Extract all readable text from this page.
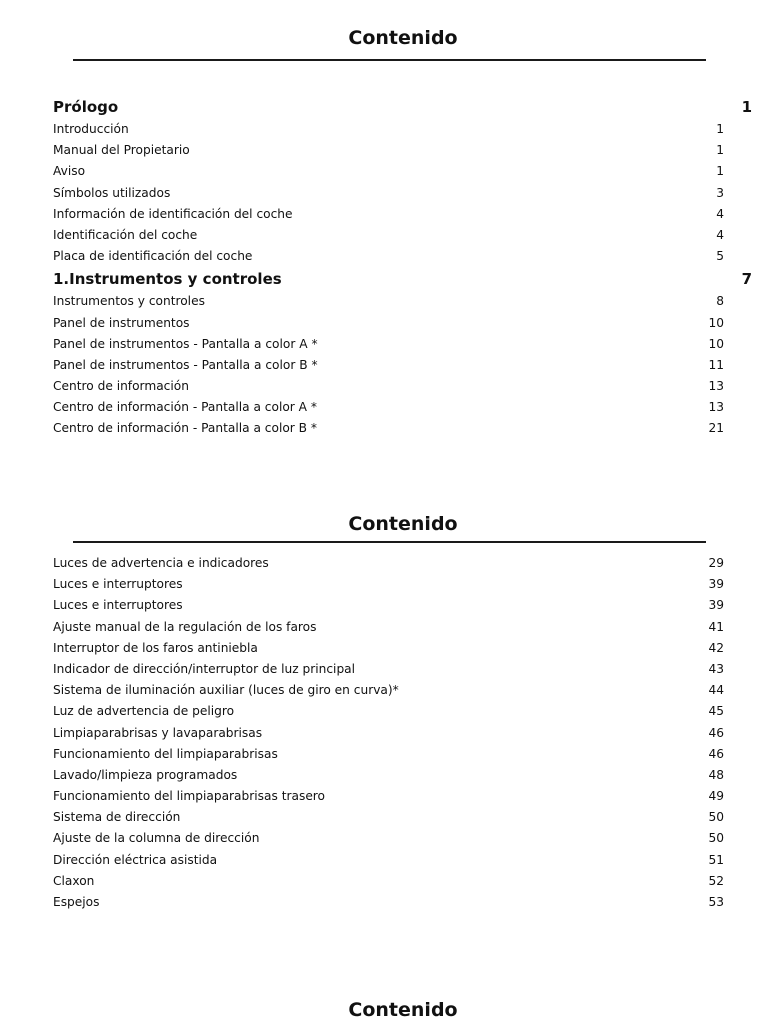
Contenido
Prólogo	1
Introducción	1
Manual del Propietario	1
Aviso	1
Símbolos utilizados	3
Información de identificación del coche	4
Identificación del coche	4
Placa de identificación del coche	5
1.Instrumentos y controles	7
Instrumentos y controles	8
Panel de instrumentos	10
Panel de instrumentos - Pantalla a color A *	10
Panel de instrumentos - Pantalla a color B *	11
Centro de información	13
Centro de información - Pantalla a color A *	13
Centro de información - Pantalla a color B *	21
Contenido
Luces de advertencia e indicadores	29
Luces e interruptores	39
Luces e interruptores	39
Ajuste manual de la regulación de los faros	41
Interruptor de los faros antiniebla	42
Indicador de dirección/interruptor de luz principal	43
Sistema de iluminación auxiliar (luces de giro en curva)*	44
Luz de advertencia de peligro	45
Limpiaparabrisas y lavaparabrisas	46
Funcionamiento del limpiaparabrisas	46
Lavado/limpieza programados	48
Funcionamiento del limpiaparabrisas trasero	49
Sistema de dirección	50
Ajuste de la columna de dirección	50
Dirección eléctrica asistida	51
Claxon	52
Espejos	53
Contenido
